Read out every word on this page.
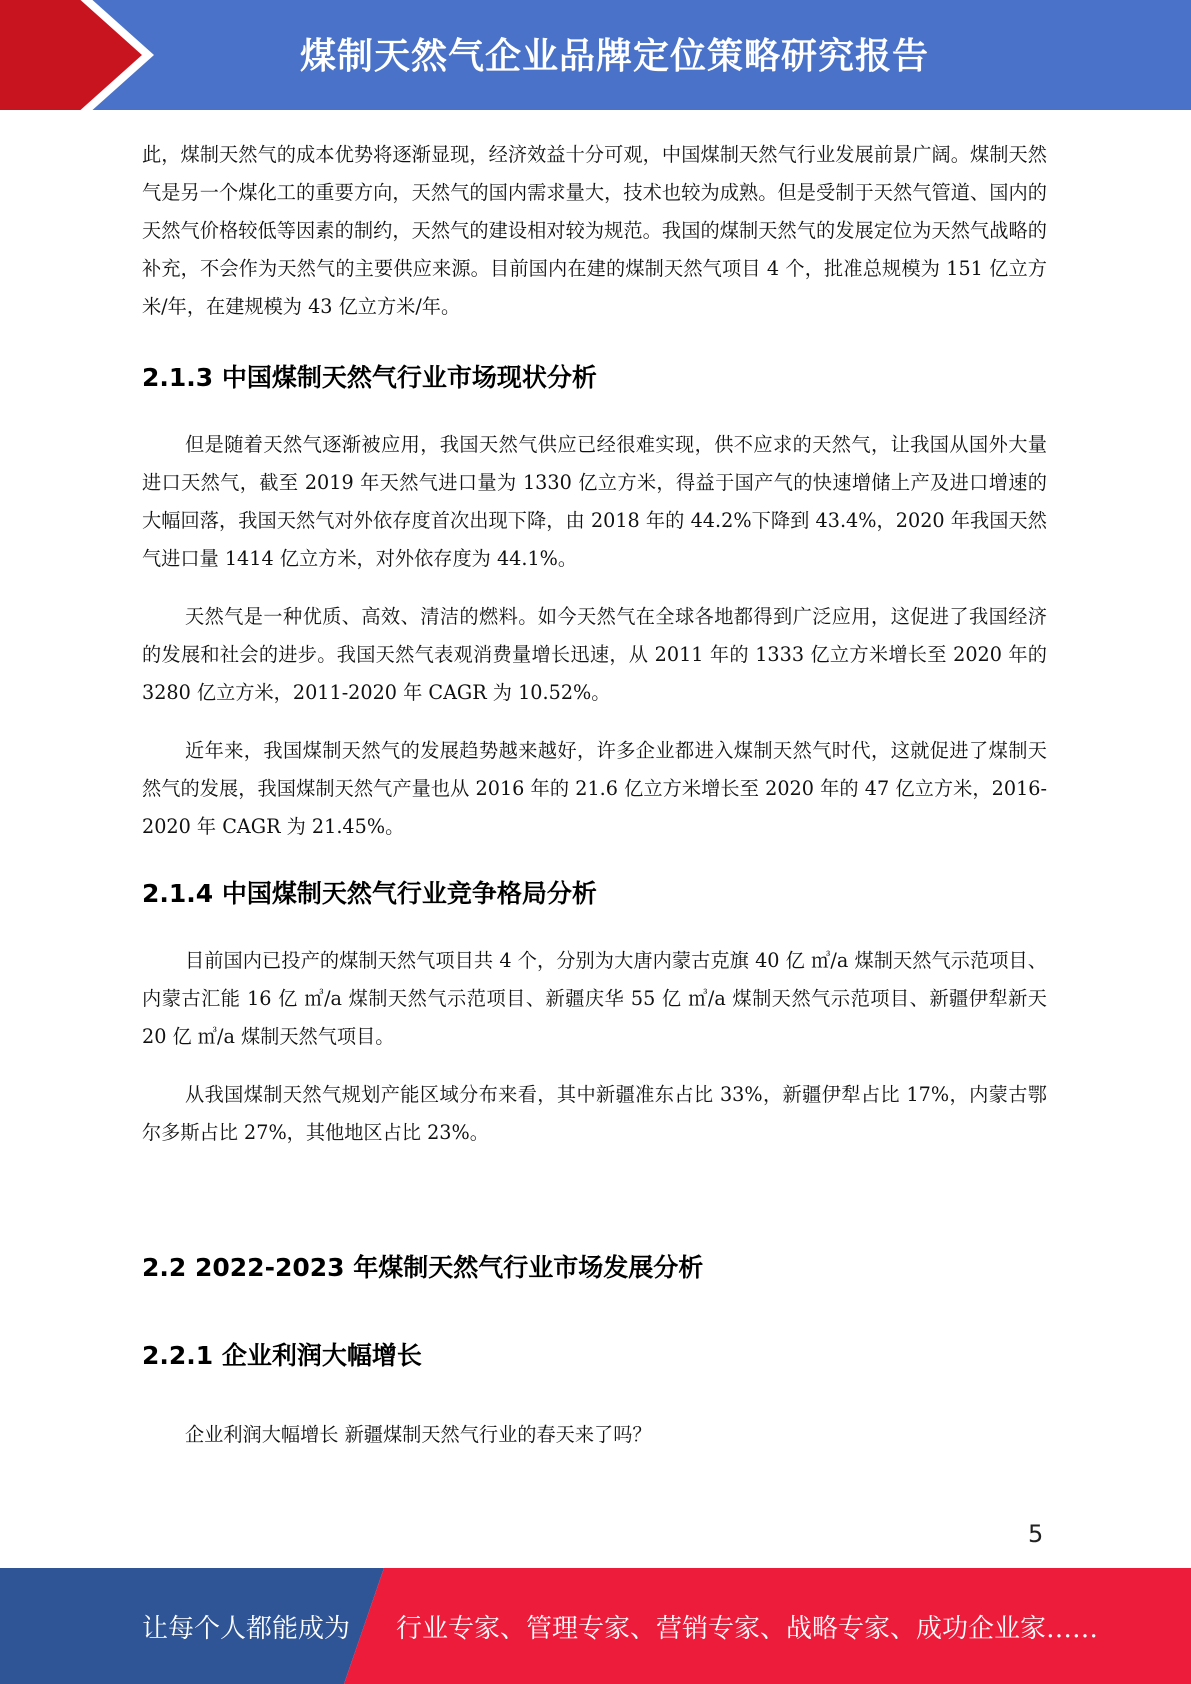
煤制天然气企业品牌定位策略研究报告

此，煤制天然气的成本优势将逐渐显现，经济效益十分可观，中国煤制天然气行业发展前景广阔。煤制天然气是另一个煤化工的重要方向，天然气的国内需求量大，技术也较为成熟。但是受制于天然气管道、国内的天然气价格较低等因素的制约，天然气的建设相对较为规范。我国的煤制天然气的发展定位为天然气战略的补充，不会作为天然气的主要供应来源。目前国内在建的煤制天然气项目 4 个，批准总规模为 151 亿立方米/年，在建规模为 43 亿立方米/年。

2.1.3 中国煤制天然气行业市场现状分析

但是随着天然气逐渐被应用，我国天然气供应已经很难实现，供不应求的天然气，让我国从国外大量进口天然气，截至 2019 年天然气进口量为 1330 亿立方米，得益于国产气的快速增储上产及进口增速的大幅回落，我国天然气对外依存度首次出现下降，由 2018 年的 44.2%下降到 43.4%，2020 年我国天然气进口量 1414 亿立方米，对外依存度为 44.1%。

天然气是一种优质、高效、清洁的燃料。如今天然气在全球各地都得到广泛应用，这促进了我国经济的发展和社会的进步。我国天然气表观消费量增长迅速，从 2011 年的 1333 亿立方米增长至 2020 年的 3280 亿立方米，2011-2020 年 CAGR 为 10.52%。

近年来，我国煤制天然气的发展趋势越来越好，许多企业都进入煤制天然气时代，这就促进了煤制天然气的发展，我国煤制天然气产量也从 2016 年的 21.6 亿立方米增长至 2020 年的 47 亿立方米，2016-2020 年 CAGR 为 21.45%。

2.1.4 中国煤制天然气行业竞争格局分析

目前国内已投产的煤制天然气项目共 4 个，分别为大唐内蒙古克旗 40 亿 ㎥/a 煤制天然气示范项目、内蒙古汇能 16 亿 ㎥/a 煤制天然气示范项目、新疆庆华 55 亿 ㎥/a 煤制天然气示范项目、新疆伊犁新天 20 亿 ㎥/a 煤制天然气项目。

从我国煤制天然气规划产能区域分布来看，其中新疆准东占比 33%，新疆伊犁占比 17%，内蒙古鄂尔多斯占比 27%，其他地区占比 23%。

2.2 2022-2023 年煤制天然气行业市场发展分析
2.2.1 企业利润大幅增长

企业利润大幅增长 新疆煤制天然气行业的春天来了吗？

5
让每个人都能成为 行业专家、管理专家、营销专家、战略专家、成功企业家……
